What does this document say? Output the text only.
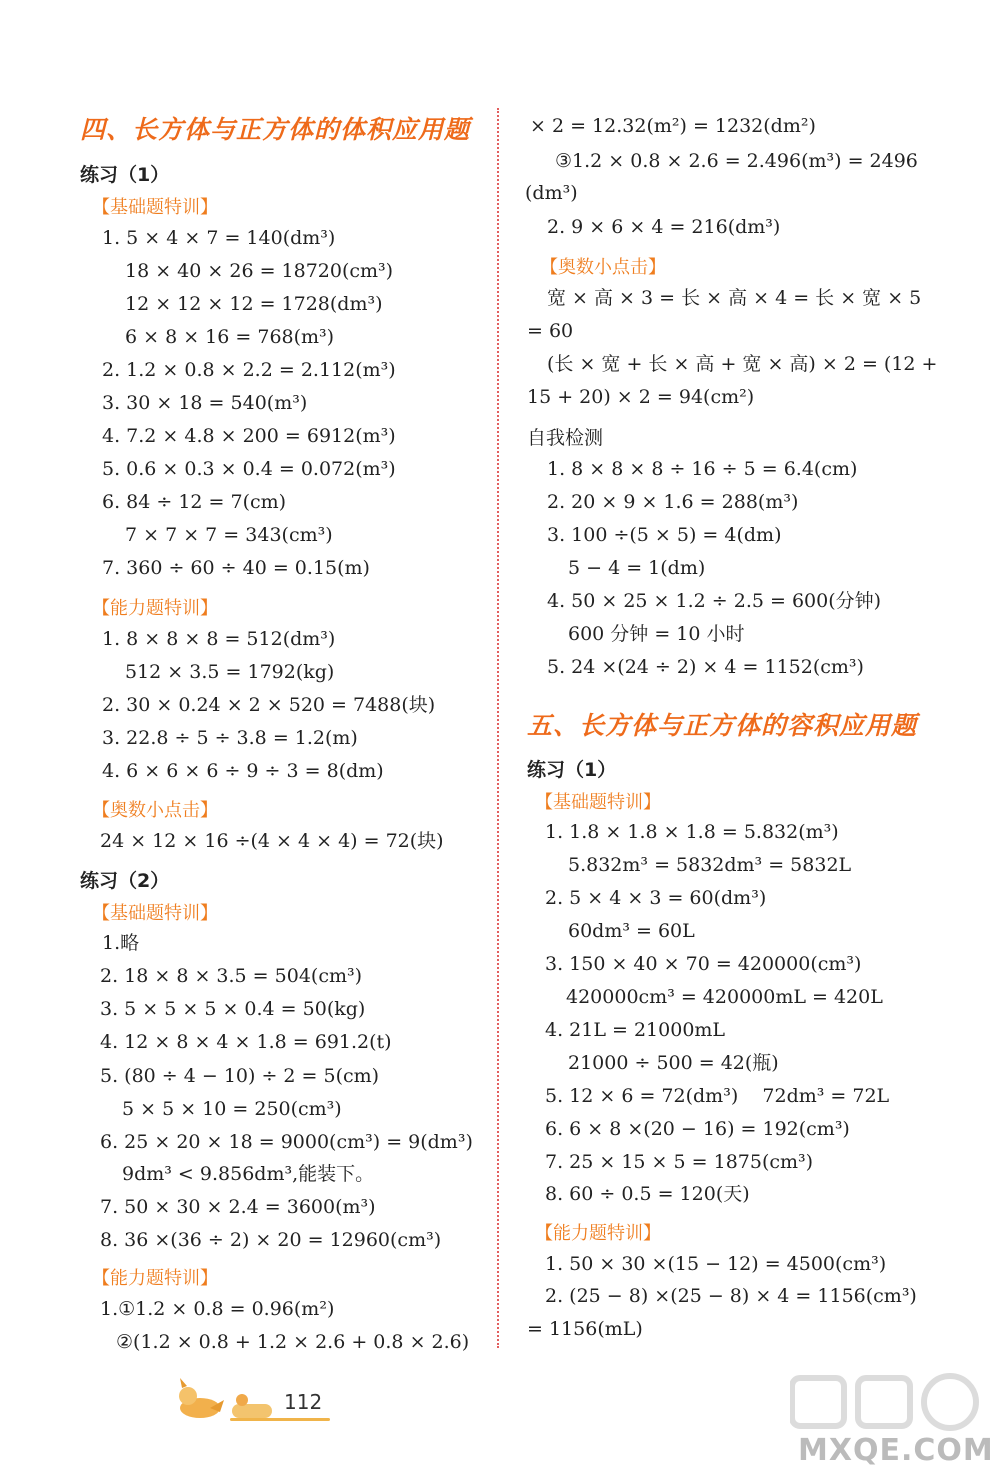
四、长方体与正方体的体积应用题
练习（1）
【基础题特训】
1. 5 × 4 × 7 = 140(dm³)
18 × 40 × 26 = 18720(cm³)
12 × 12 × 12 = 1728(dm³)
6 × 8 × 16 = 768(m³)
2. 1.2 × 0.8 × 2.2 = 2.112(m³)
3. 30 × 18 = 540(m³)
4. 7.2 × 4.8 × 200 = 6912(m³)
5. 0.6 × 0.3 × 0.4 = 0.072(m³)
6. 84 ÷ 12 = 7(cm)
7 × 7 × 7 = 343(cm³)
7. 360 ÷ 60 ÷ 40 = 0.15(m)
【能力题特训】
1. 8 × 8 × 8 = 512(dm³)
512 × 3.5 = 1792(kg)
2. 30 × 0.24 × 2 × 520 = 7488(块)
3. 22.8 ÷ 5 ÷ 3.8 = 1.2(m)
4. 6 × 6 × 6 ÷ 9 ÷ 3 = 8(dm)
【奥数小点击】
24 × 12 × 16 ÷(4 × 4 × 4) = 72(块)
练习（2）
【基础题特训】
1.略
2. 18 × 8 × 3.5 = 504(cm³)
3. 5 × 5 × 5 × 0.4 = 50(kg)
4. 12 × 8 × 4 × 1.8 = 691.2(t)
5. (80 ÷ 4 − 10) ÷ 2 = 5(cm)
5 × 5 × 10 = 250(cm³)
6. 25 × 20 × 18 = 9000(cm³) = 9(dm³)
9dm³ < 9.856dm³,能装下。
7. 50 × 30 × 2.4 = 3600(m³)
8. 36 ×(36 ÷ 2) × 20 = 12960(cm³)
【能力题特训】
1.①1.2 × 0.8 = 0.96(m²)
②(1.2 × 0.8 + 1.2 × 2.6 + 0.8 × 2.6)
× 2 = 12.32(m²) = 1232(dm²)
③1.2 × 0.8 × 2.6 = 2.496(m³) = 2496
(dm³)
2. 9 × 6 × 4 = 216(dm³)
【奥数小点击】
宽 × 高 × 3 = 长 × 高 × 4 = 长 × 宽 × 5
= 60
(长 × 宽 + 长 × 高 + 宽 × 高) × 2 = (12 +
15 + 20) × 2 = 94(cm²)
自我检测
1. 8 × 8 × 8 ÷ 16 ÷ 5 = 6.4(cm)
2. 20 × 9 × 1.6 = 288(m³)
3. 100 ÷(5 × 5) = 4(dm)
5 − 4 = 1(dm)
4. 50 × 25 × 1.2 ÷ 2.5 = 600(分钟)
600 分钟 = 10 小时
5. 24 ×(24 ÷ 2) × 4 = 1152(cm³)
五、长方体与正方体的容积应用题
练习（1）
【基础题特训】
1. 1.8 × 1.8 × 1.8 = 5.832(m³)
5.832m³ = 5832dm³ = 5832L
2. 5 × 4 × 3 = 60(dm³)
60dm³ = 60L
3. 150 × 40 × 70 = 420000(cm³)
420000cm³ = 420000mL = 420L
4. 21L = 21000mL
21000 ÷ 500 = 42(瓶)
5. 12 × 6 = 72(dm³)    72dm³ = 72L
6. 6 × 8 ×(20 − 16) = 192(cm³)
7. 25 × 15 × 5 = 1875(cm³)
8. 60 ÷ 0.5 = 120(天)
【能力题特训】
1. 50 × 30 ×(15 − 12) = 4500(cm³)
2. (25 − 8) ×(25 − 8) × 4 = 1156(cm³)
= 1156(mL)
112
MXQE.COM
